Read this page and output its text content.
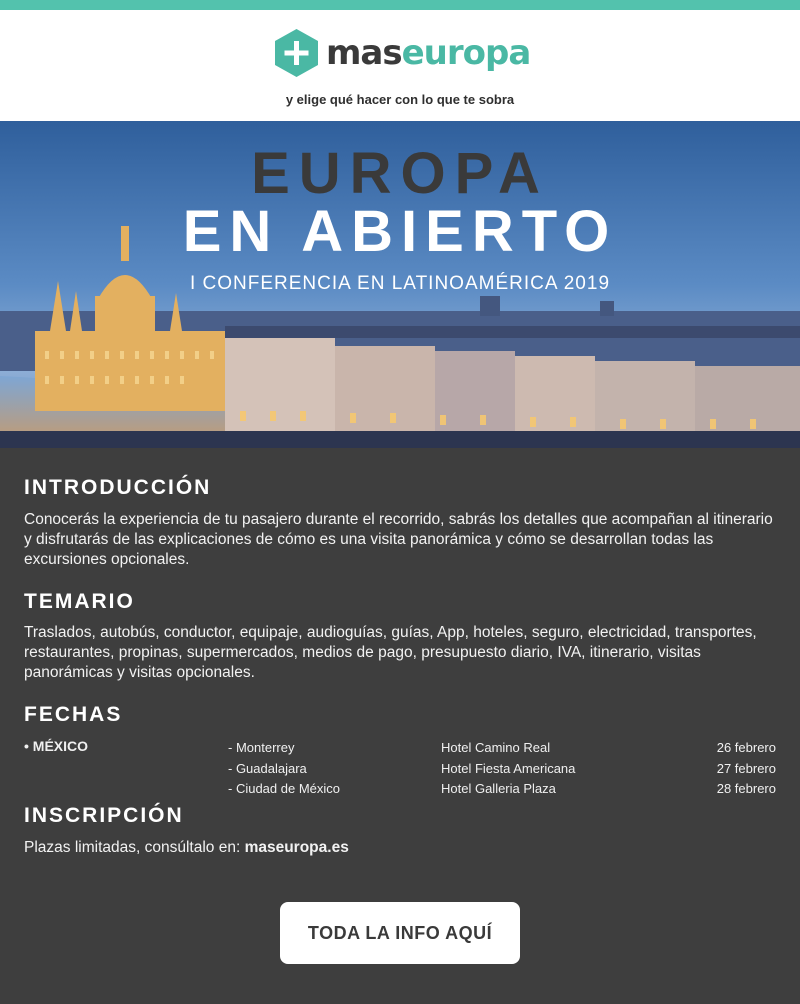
maseuropa
y elige qué hacer con lo que te sobra
EUROPA
EN ABIERTO
I CONFERENCIA EN LATINOAMÉRICA 2019
INTRODUCCIÓN
Conocerás la experiencia de tu pasajero durante el recorrido, sabrás los detalles que acompañan al itinerario y disfrutarás de las explicaciones de cómo es una visita panorámica y cómo se desarrollan todas las excursiones opcionales.
TEMARIO
Traslados, autobús, conductor, equipaje, audioguías, guías, App, hoteles, seguro, electricidad, transportes, restaurantes, propinas, supermercados, medios de pago, presupuesto diario, IVA, itinerario, visitas panorámicas y visitas opcionales.
FECHAS
• MÉXICO	- Monterrey
- Guadalajara
- Ciudad de México
Hotel Camino Real
Hotel Fiesta Americana
Hotel Galleria Plaza
26 febrero
27 febrero
28 febrero
INSCRIPCIÓN
Plazas limitadas, consúltalo en: maseuropa.es
TODA LA INFO AQUÍ
